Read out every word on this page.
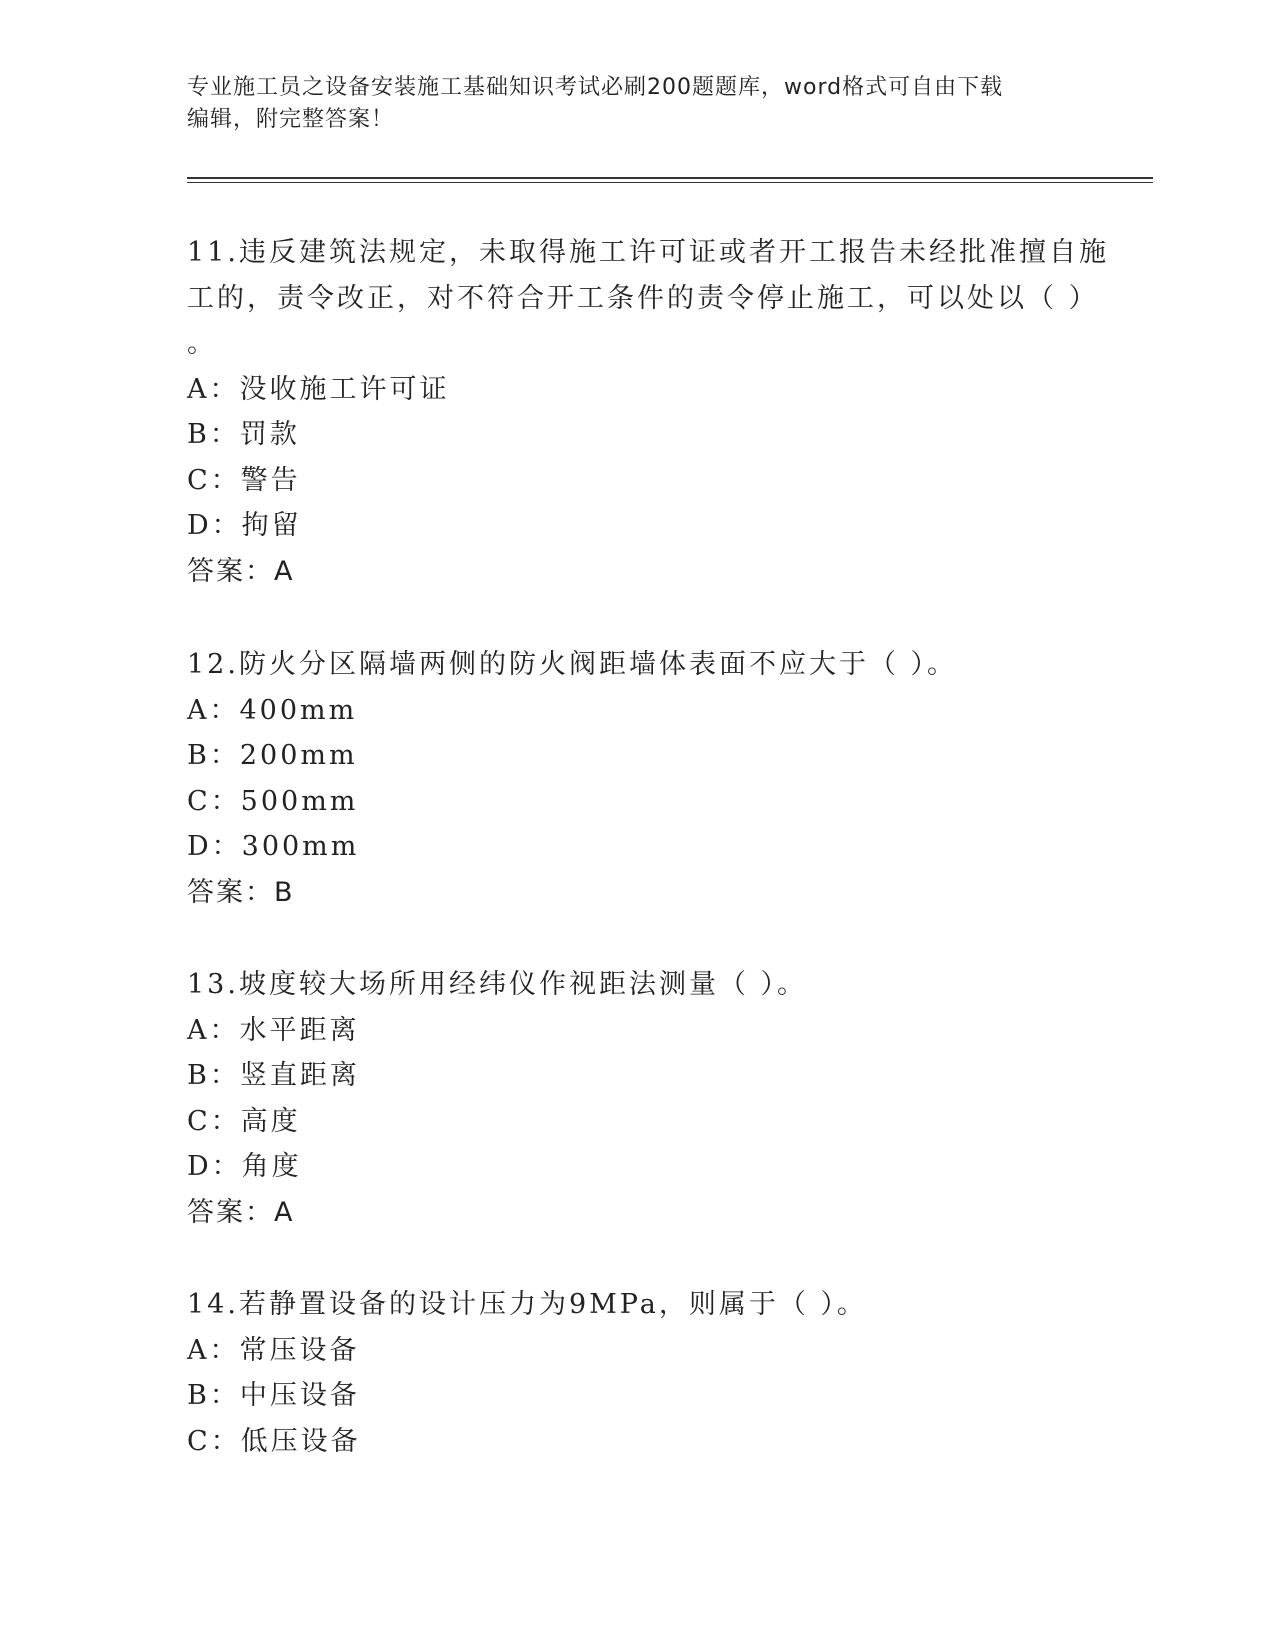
专业施工员之设备安装施工基础知识考试必刷200题题库，word格式可自由下载
编辑，附完整答案！
11.违反建筑法规定，未取得施工许可证或者开工报告未经批准擅自施
工的，责令改正，对不符合开工条件的责令停止施工，可以处以（ ）
。
A：没收施工许可证
B：罚款
C：警告
D：拘留
答案：A
12.防火分区隔墙两侧的防火阀距墙体表面不应大于（ ）。
A：400mm
B：200mm
C：500mm
D：300mm
答案：B
13.坡度较大场所用经纬仪作视距法测量（ ）。
A：水平距离
B：竖直距离
C：高度
D：角度
答案：A
14.若静置设备的设计压力为9MPa，则属于（ ）。
A：常压设备
B：中压设备
C：低压设备
